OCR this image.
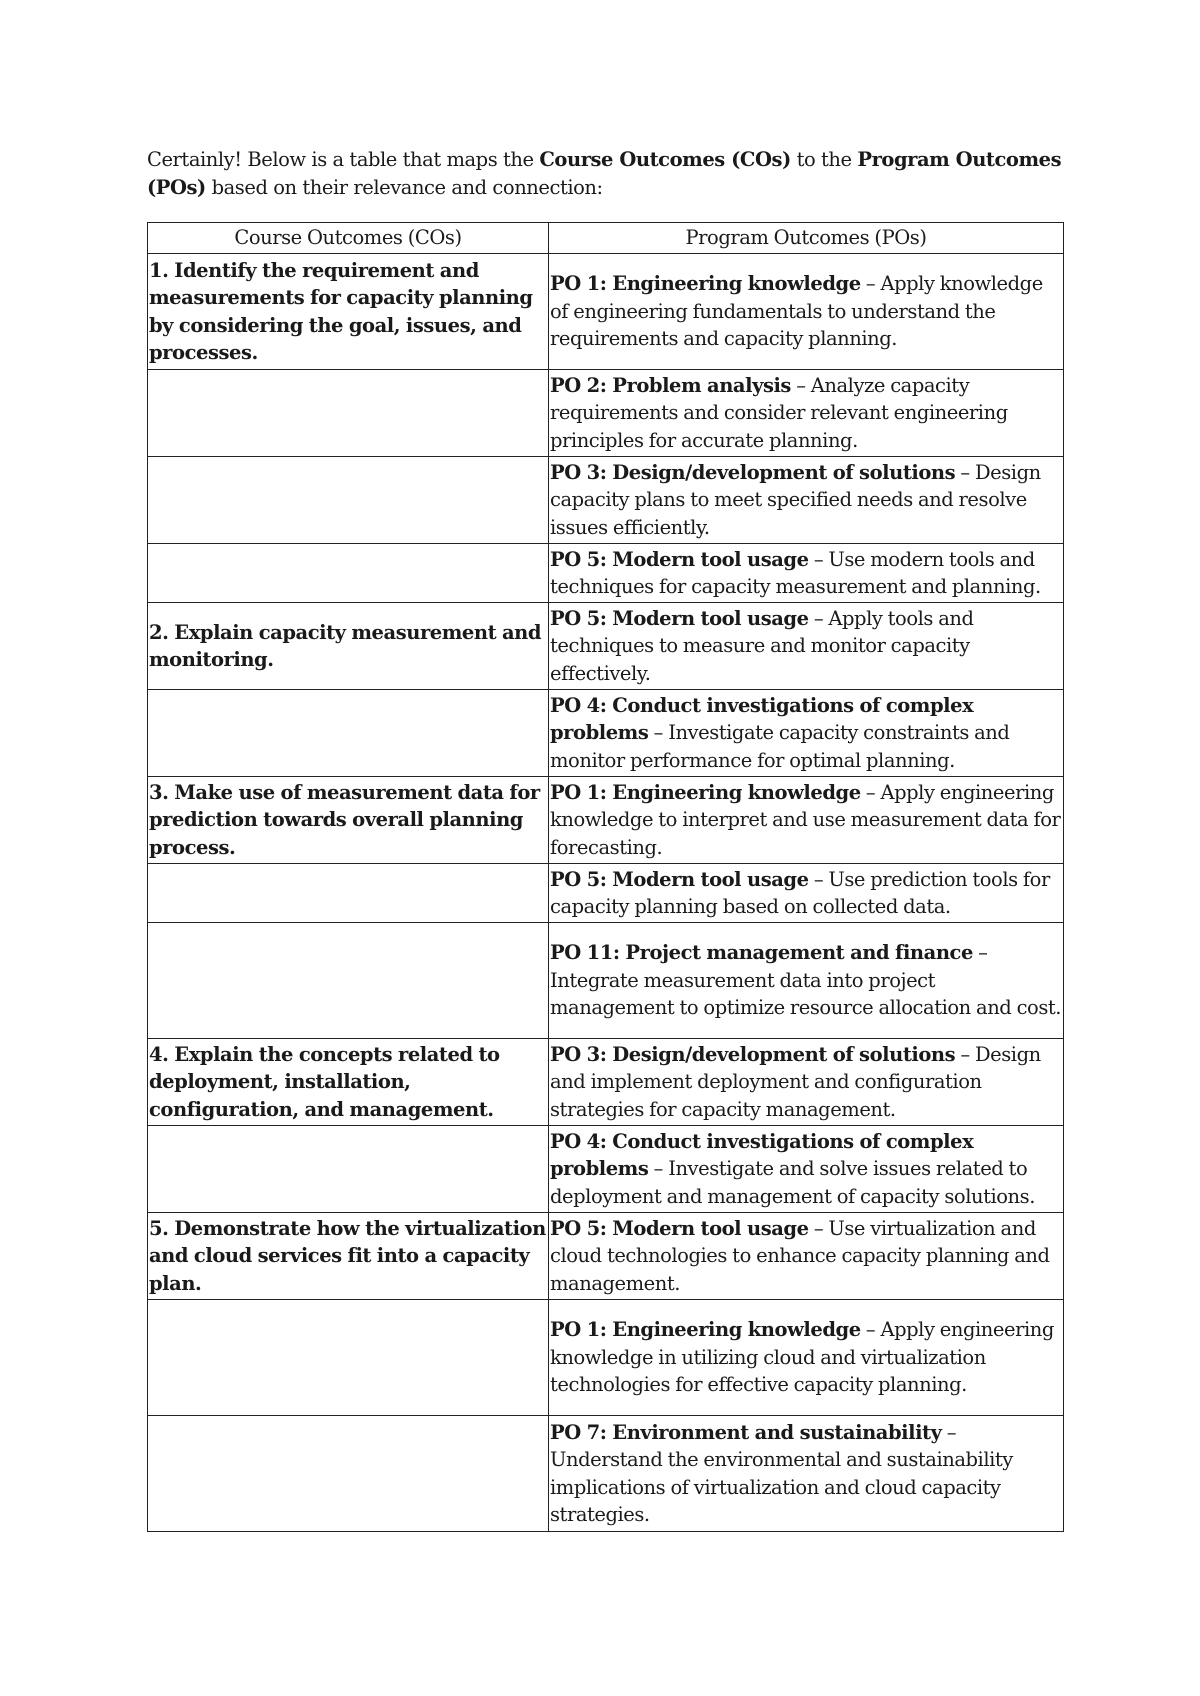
Certainly! Below is a table that maps the Course Outcomes (COs) to the Program Outcomes (POs) based on their relevance and connection:

Course Outcomes (COs)	Program Outcomes (POs)
1. Identify the requirement and measurements for capacity planning by considering the goal, issues, and processes.	PO 1: Engineering knowledge – Apply knowledge of engineering fundamentals to understand the requirements and capacity planning.
	PO 2: Problem analysis – Analyze capacity requirements and consider relevant engineering principles for accurate planning.
	PO 3: Design/development of solutions – Design capacity plans to meet specified needs and resolve issues efficiently.
	PO 5: Modern tool usage – Use modern tools and techniques for capacity measurement and planning.
2. Explain capacity measurement and monitoring.	PO 5: Modern tool usage – Apply tools and techniques to measure and monitor capacity effectively.
	PO 4: Conduct investigations of complex problems – Investigate capacity constraints and monitor performance for optimal planning.
3. Make use of measurement data for prediction towards overall planning process.	PO 1: Engineering knowledge – Apply engineering knowledge to interpret and use measurement data for forecasting.
	PO 5: Modern tool usage – Use prediction tools for capacity planning based on collected data.
	PO 11: Project management and finance – Integrate measurement data into project management to optimize resource allocation and cost.
4. Explain the concepts related to deployment, installation, configuration, and management.	PO 3: Design/development of solutions – Design and implement deployment and configuration strategies for capacity management.
	PO 4: Conduct investigations of complex problems – Investigate and solve issues related to deployment and management of capacity solutions.
5. Demonstrate how the virtualization and cloud services fit into a capacity plan.	PO 5: Modern tool usage – Use virtualization and cloud technologies to enhance capacity planning and management.
	PO 1: Engineering knowledge – Apply engineering knowledge in utilizing cloud and virtualization technologies for effective capacity planning.
	PO 7: Environment and sustainability – Understand the environmental and sustainability implications of virtualization and cloud capacity strategies.
